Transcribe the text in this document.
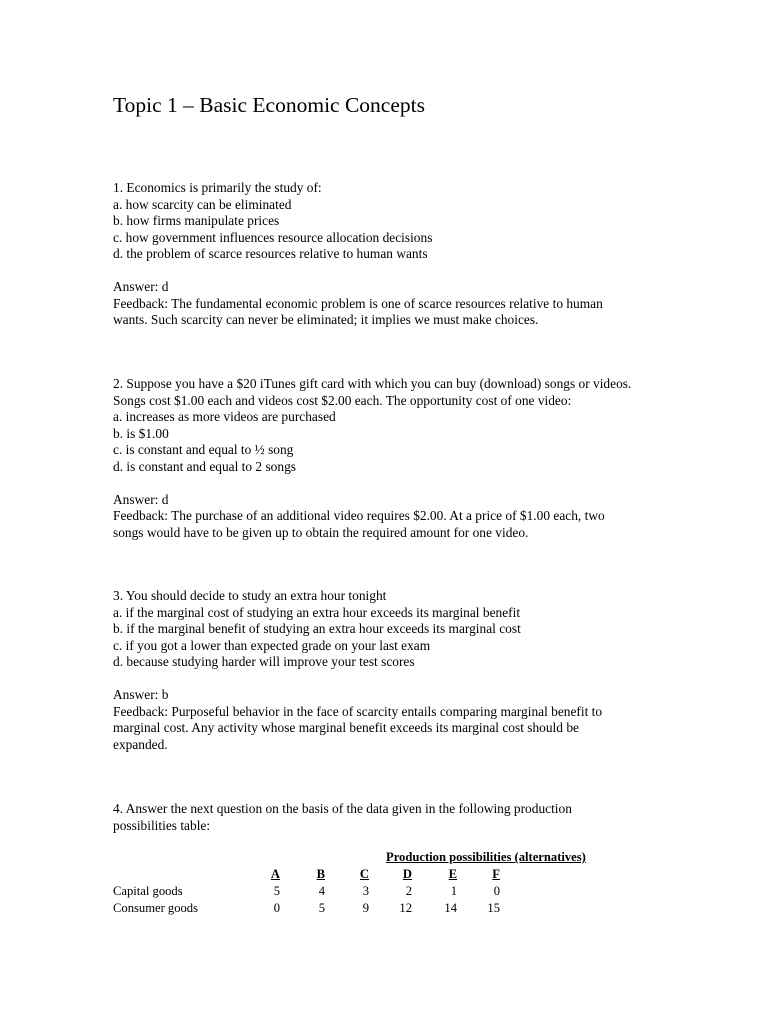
Topic 1 – Basic Economic Concepts
1. Economics is primarily the study of:
a. how scarcity can be eliminated
b. how firms manipulate prices
c. how government influences resource allocation decisions
d. the problem of scarce resources relative to human wants
Answer: d
Feedback: The fundamental economic problem is one of scarce resources relative to human
wants. Such scarcity can never be eliminated; it implies we must make choices.
2. Suppose you have a $20 iTunes gift card with which you can buy (download) songs or videos.
Songs cost $1.00 each and videos cost $2.00 each. The opportunity cost of one video:
a. increases as more videos are purchased
b. is $1.00
c. is constant and equal to ½ song
d. is constant and equal to 2 songs
Answer: d
Feedback: The purchase of an additional video requires $2.00. At a price of $1.00 each, two
songs would have to be given up to obtain the required amount for one video.
3. You should decide to study an extra hour tonight
a. if the marginal cost of studying an extra hour exceeds its marginal benefit
b. if the marginal benefit of studying an extra hour exceeds its marginal cost
c. if you got a lower than expected grade on your last exam
d. because studying harder will improve your test scores
Answer: b
Feedback: Purposeful behavior in the face of scarcity entails comparing marginal benefit to
marginal cost. Any activity whose marginal benefit exceeds its marginal cost should be
expanded.
4. Answer the next question on the basis of the data given in the following production
possibilities table:
Production possibilities (alternatives)
	A	B	C	D	E	F
Capital goods	5	4	3	2	1	0
Consumer goods	0	5	9	12	14	15
